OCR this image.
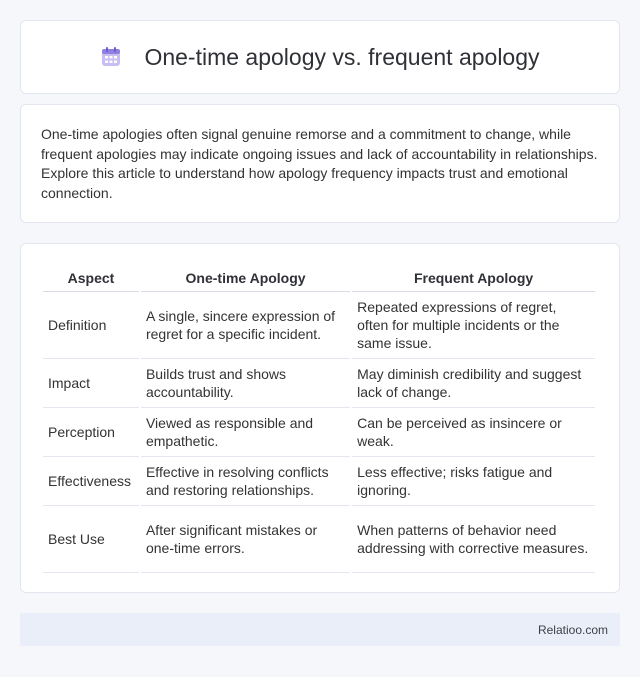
One-time apology vs. frequent apology

One-time apologies often signal genuine remorse and a commitment to change, while frequent apologies may indicate ongoing issues and lack of accountability in relationships. Explore this article to understand how apology frequency impacts trust and emotional connection.

Aspect	One-time Apology	Frequent Apology
Definition	A single, sincere expression of regret for a specific incident.	Repeated expressions of regret, often for multiple incidents or the same issue.
Impact	Builds trust and shows accountability.	May diminish credibility and suggest lack of change.
Perception	Viewed as responsible and empathetic.	Can be perceived as insincere or weak.
Effectiveness	Effective in resolving conflicts and restoring relationships.	Less effective; risks fatigue and ignoring.
Best Use	After significant mistakes or one-time errors.	When patterns of behavior need addressing with corrective measures.
Relatioo.com
